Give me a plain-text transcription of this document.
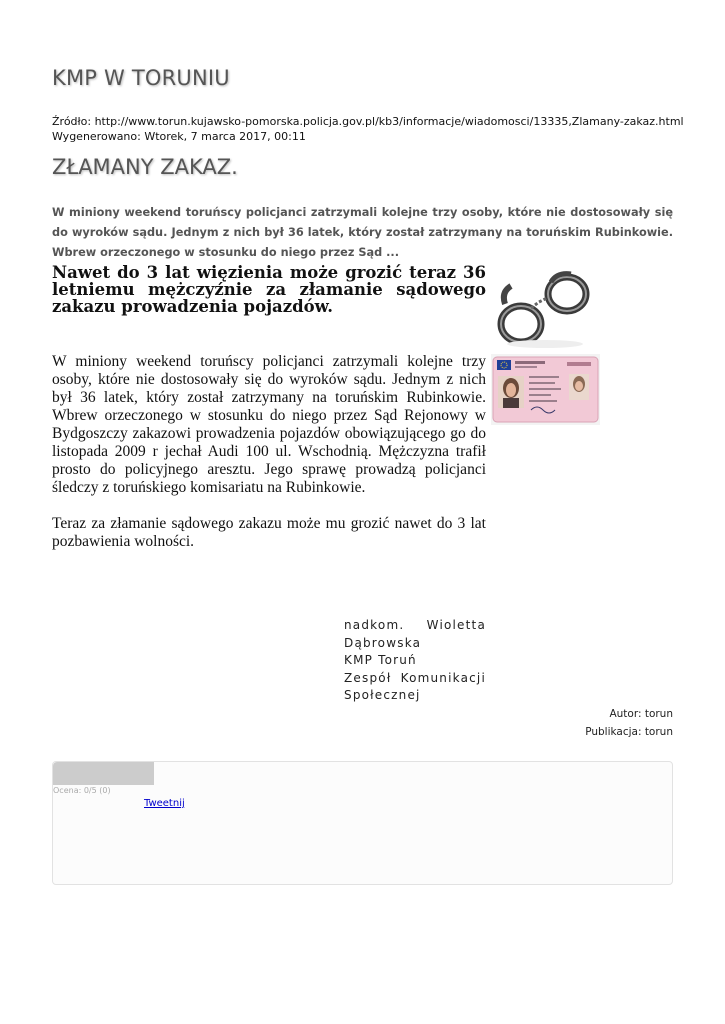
KMP W TORUNIU
Źródło: http://www.torun.kujawsko-pomorska.policja.gov.pl/kb3/informacje/wiadomosci/13335,Zlamany-zakaz.html
Wygenerowano: Wtorek, 7 marca 2017, 00:11
ZŁAMANY ZAKAZ.

W miniony weekend toruńscy policjanci zatrzymali kolejne trzy osoby, które nie dostosowały się do wyroków sądu. Jednym z nich był 36 latek, który został zatrzymany na toruńskim Rubinkowie. Wbrew orzeczonego w stosunku do niego przez Sąd ...

Nawet do 3 lat więzienia może grozić teraz 36 letniemu mężczyźnie za złamanie sądowego zakazu prowadzenia pojazdów.

W miniony weekend toruńscy policjanci zatrzymali kolejne trzy osoby, które nie dostosowały się do wyroków sądu. Jednym z nich był 36 latek, który został zatrzymany na toruńskim Rubinkowie. Wbrew orzeczonego w stosunku do niego przez Sąd Rejonowy w Bydgoszczy zakazowi prowadzenia pojazdów obowiązującego go do listopada 2009 r jechał Audi 100 ul. Wschodnią. Mężczyzna trafił prosto do policyjnego aresztu. Jego sprawę prowadzą policjanci śledczy z toruńskiego komisariatu na Rubinkowie.

Teraz za złamanie sądowego zakazu może mu grozić nawet do 3 lat pozbawienia wolności.

nadkom. Wioletta
Dąbrowska
KMP Toruń
Zespół Komunikacji
Społecznej
Autor: torun
Publikacja: torun
Ocena: 0/5 (0)
Tweetnij
